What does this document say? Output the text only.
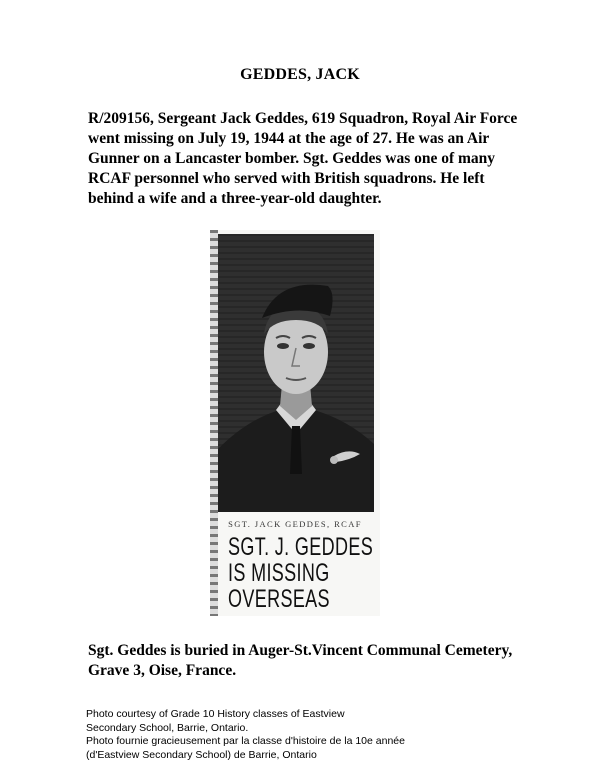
GEDDES, JACK
R/209156, Sergeant Jack Geddes, 619 Squadron, Royal Air Force went missing on July 19, 1944 at the age of 27. He was an Air Gunner on a Lancaster bomber. Sgt. Geddes was one of many RCAF personnel who served with British squadrons. He left behind a wife and a three-year-old daughter.
SGT. JACK GEDDES, RCAF
SGT. J. GEDDES
IS MISSING
OVERSEAS
Sgt. Geddes is buried in Auger-St.Vincent Communal Cemetery, Grave 3, Oise, France.
Photo courtesy of Grade 10 History classes of Eastview
Secondary School, Barrie, Ontario.
Photo fournie gracieusement par la classe d'histoire de la 10e année
(d'Eastview Secondary School) de Barrie, Ontario
